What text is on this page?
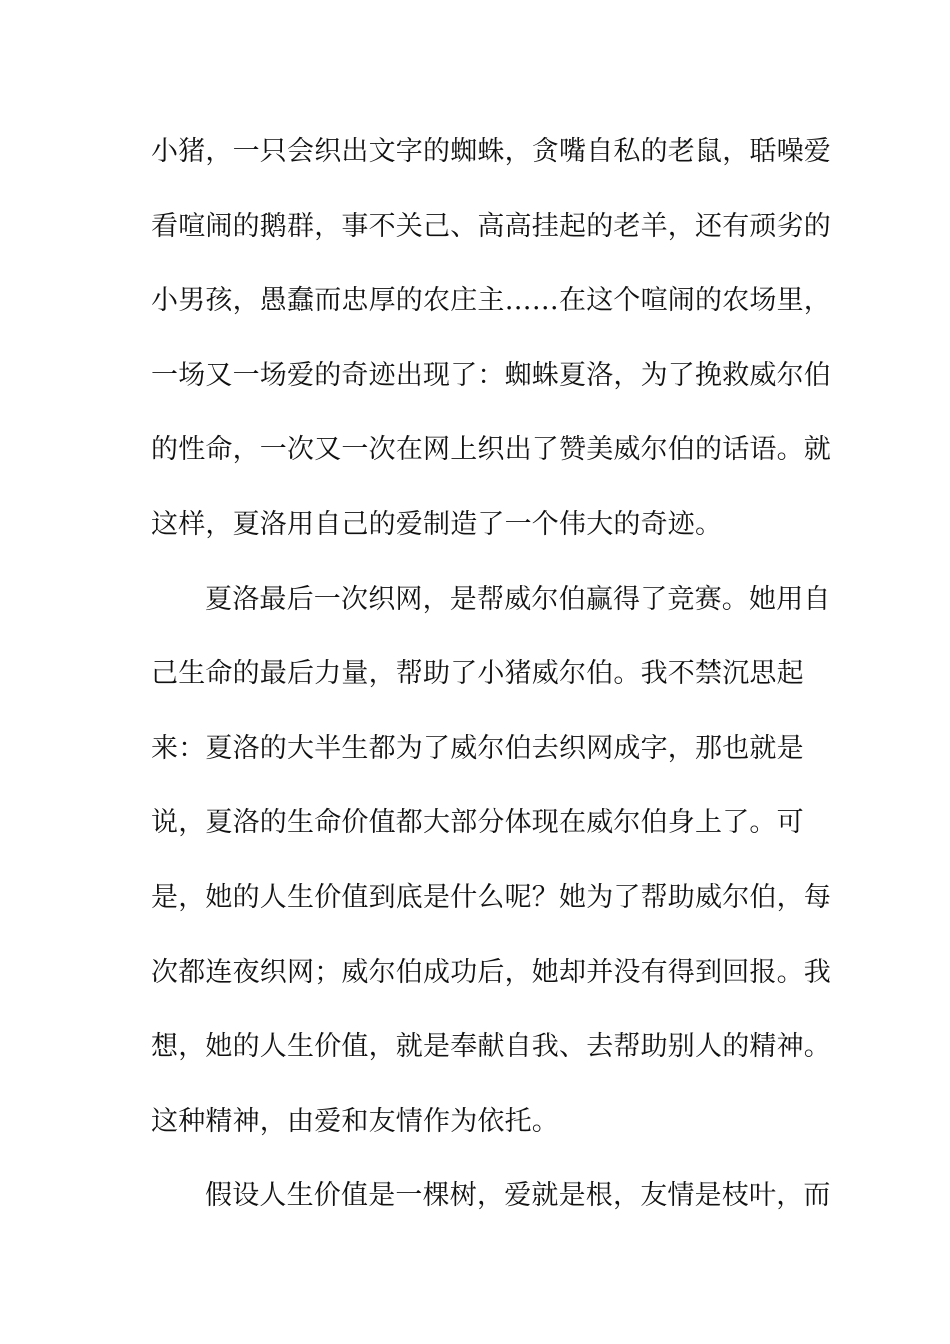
小猪，一只会织出文字的蜘蛛，贪嘴自私的老鼠，聒噪爱
看喧闹的鹅群，事不关己、高高挂起的老羊，还有顽劣的
小男孩，愚蠢而忠厚的农庄主……在这个喧闹的农场里，
一场又一场爱的奇迹出现了：蜘蛛夏洛，为了挽救威尔伯
的性命，一次又一次在网上织出了赞美威尔伯的话语。就
这样，夏洛用自己的爱制造了一个伟大的奇迹。
夏洛最后一次织网，是帮威尔伯赢得了竞赛。她用自
己生命的最后力量，帮助了小猪威尔伯。我不禁沉思起
来：夏洛的大半生都为了威尔伯去织网成字，那也就是
说，夏洛的生命价值都大部分体现在威尔伯身上了。可
是，她的人生价值到底是什么呢？她为了帮助威尔伯，每
次都连夜织网；威尔伯成功后，她却并没有得到回报。我
想，她的人生价值，就是奉献自我、去帮助别人的精神。
这种精神，由爱和友情作为依托。
假设人生价值是一棵树，爱就是根，友情是枝叶，而
